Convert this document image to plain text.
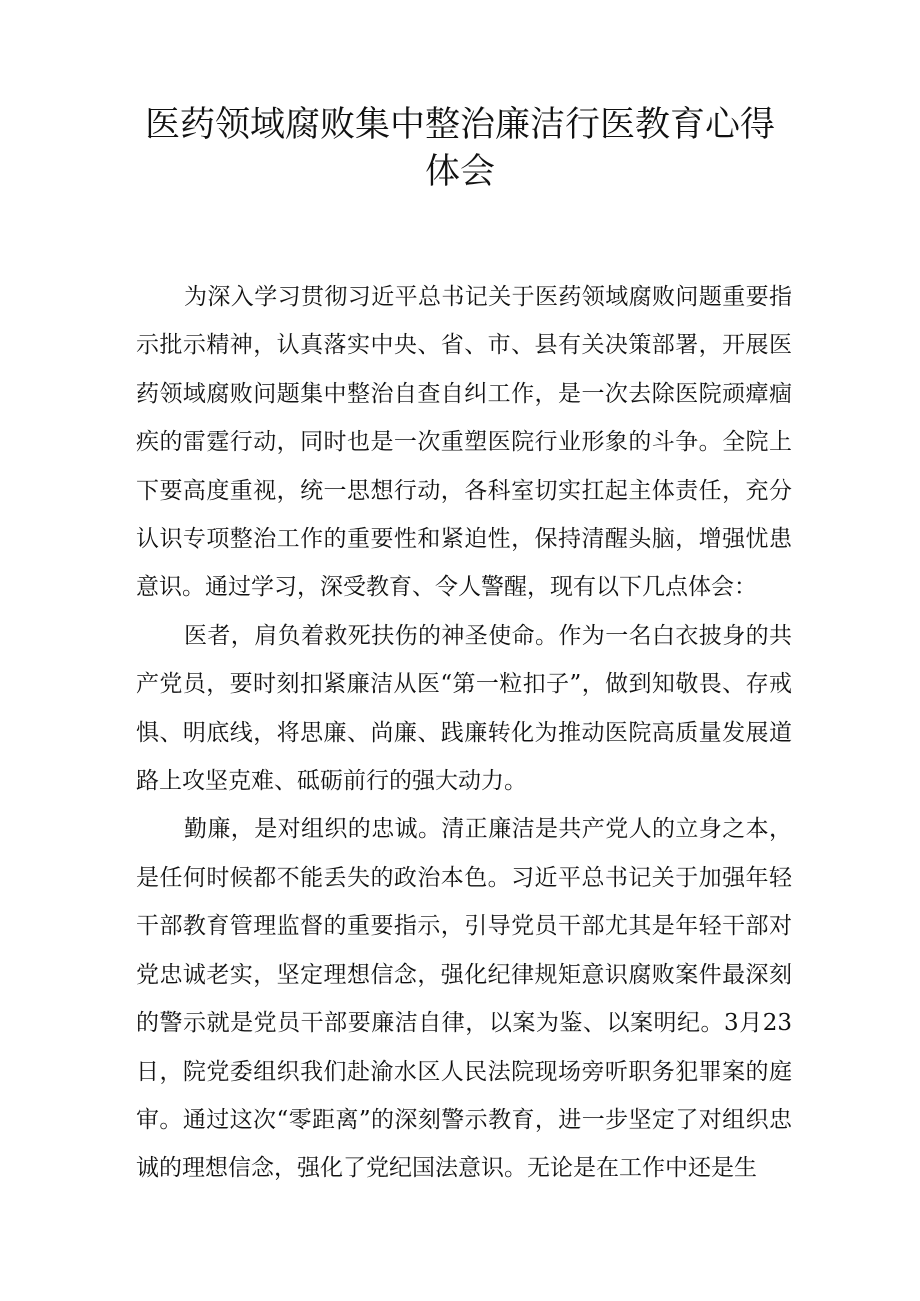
医药领域腐败集中整治廉洁行医教育心得
体会

为深入学习贯彻习近平总书记关于医药领域腐败问题重要指示批示精神，认真落实中央、省、市、县有关决策部署，开展医药领域腐败问题集中整治自查自纠工作，是一次去除医院顽瘴痼疾的雷霆行动，同时也是一次重塑医院行业形象的斗争。全院上下要高度重视，统一思想行动，各科室切实扛起主体责任，充分认识专项整治工作的重要性和紧迫性，保持清醒头脑，增强忧患意识。通过学习，深受教育、令人警醒，现有以下几点体会：

医者，肩负着救死扶伤的神圣使命。作为一名白衣披身的共产党员，要时刻扣紧廉洁从医“第一粒扣子”，做到知敬畏、存戒惧、明底线，将思廉、尚廉、践廉转化为推动医院高质量发展道路上攻坚克难、砥砺前行的强大动力。

勤廉，是对组织的忠诚。清正廉洁是共产党人的立身之本，是任何时候都不能丢失的政治本色。习近平总书记关于加强年轻干部教育管理监督的重要指示，引导党员干部尤其是年轻干部对党忠诚老实，坚定理想信念，强化纪律规矩意识腐败案件最深刻的警示就是党员干部要廉洁自律，以案为鉴、以案明纪。3月23日，院党委组织我们赴渝水区人民法院现场旁听职务犯罪案的庭审。通过这次“零距离”的深刻警示教育，进一步坚定了对组织忠诚的理想信念，强化了党纪国法意识。无论是在工作中还是生
